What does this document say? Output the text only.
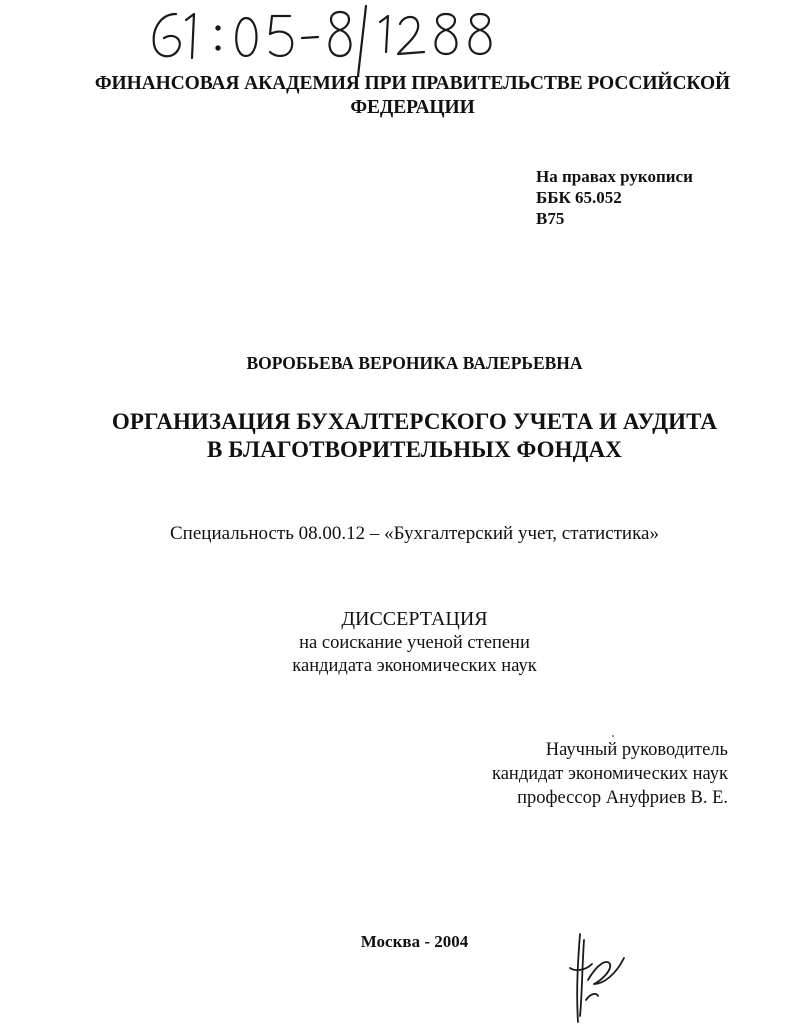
ФИНАНСОВАЯ АКАДЕМИЯ ПРИ ПРАВИТЕЛЬСТВЕ РОССИЙСКОЙ
ФЕДЕРАЦИИ
На правах рукописи
ББК 65.052
В75
ВОРОБЬЕВА ВЕРОНИКА ВАЛЕРЬЕВНА
ОРГАНИЗАЦИЯ БУХАЛТЕРСКОГО УЧЕТА И АУДИТА
В БЛАГОТВОРИТЕЛЬНЫХ ФОНДАХ
Специальность 08.00.12 – «Бухгалтерский учет, статистика»
ДИССЕРТАЦИЯ
на соискание ученой степени
кандидата экономических наук
Научный руководитель
кандидат экономических наук
профессор Ануфриев В. Е.
Москва - 2004
